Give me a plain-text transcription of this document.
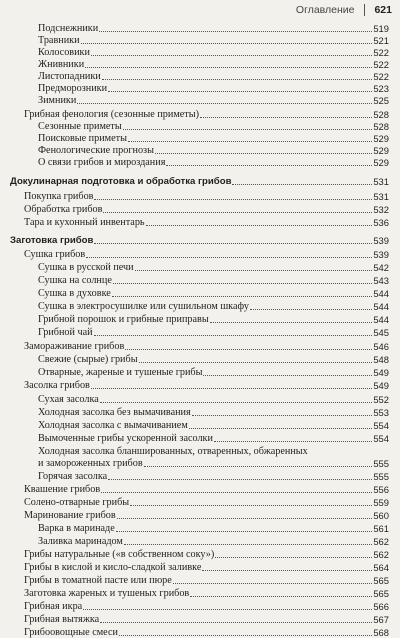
Оглавление 621
Подснежники	519
Травники	521
Колосовики	522
Жнивники	522
Листопадники	522
Предморозники	523
Зимники	525
Грибная фенология (сезонные приметы)	528
Сезонные приметы	528
Поисковые приметы	529
Фенологические прогнозы	529
О связи грибов и мироздания	529
Докулинарная подготовка и обработка грибов	531
Покупка грибов	531
Обработка грибов	532
Тара и кухонный инвентарь	536
Заготовка грибов	539
Сушка грибов	539
Сушка в русской печи	542
Сушка на солнце	543
Сушка в духовке	544
Сушка в электросушилке или сушильном шкафу	544
Грибной порошок и грибные приправы	544
Грибной чай	545
Замораживание грибов	546
Свежие (сырые) грибы	548
Отварные, жареные и тушеные грибы	549
Засолка грибов	549
Сухая засолка	552
Холодная засолка без вымачивания	553
Холодная засолка с вымачиванием	554
Вымоченные грибы ускоренной засолки	554
Холодная засолка бланшированных, отваренных, обжаренных
и замороженных грибов	555
Горячая засолка	555
Квашение грибов	556
Солено-отварные грибы	559
Маринование грибов	560
Варка в маринаде	561
Заливка маринадом	562
Грибы натуральные («в собственном соку»)	562
Грибы в кислой и кисло-сладкой заливке	564
Грибы в томатной пасте или пюре	565
Заготовка жареных и тушеных грибов	565
Грибная икра	566
Грибная вытяжка	567
Грибоовощные смеси	568
